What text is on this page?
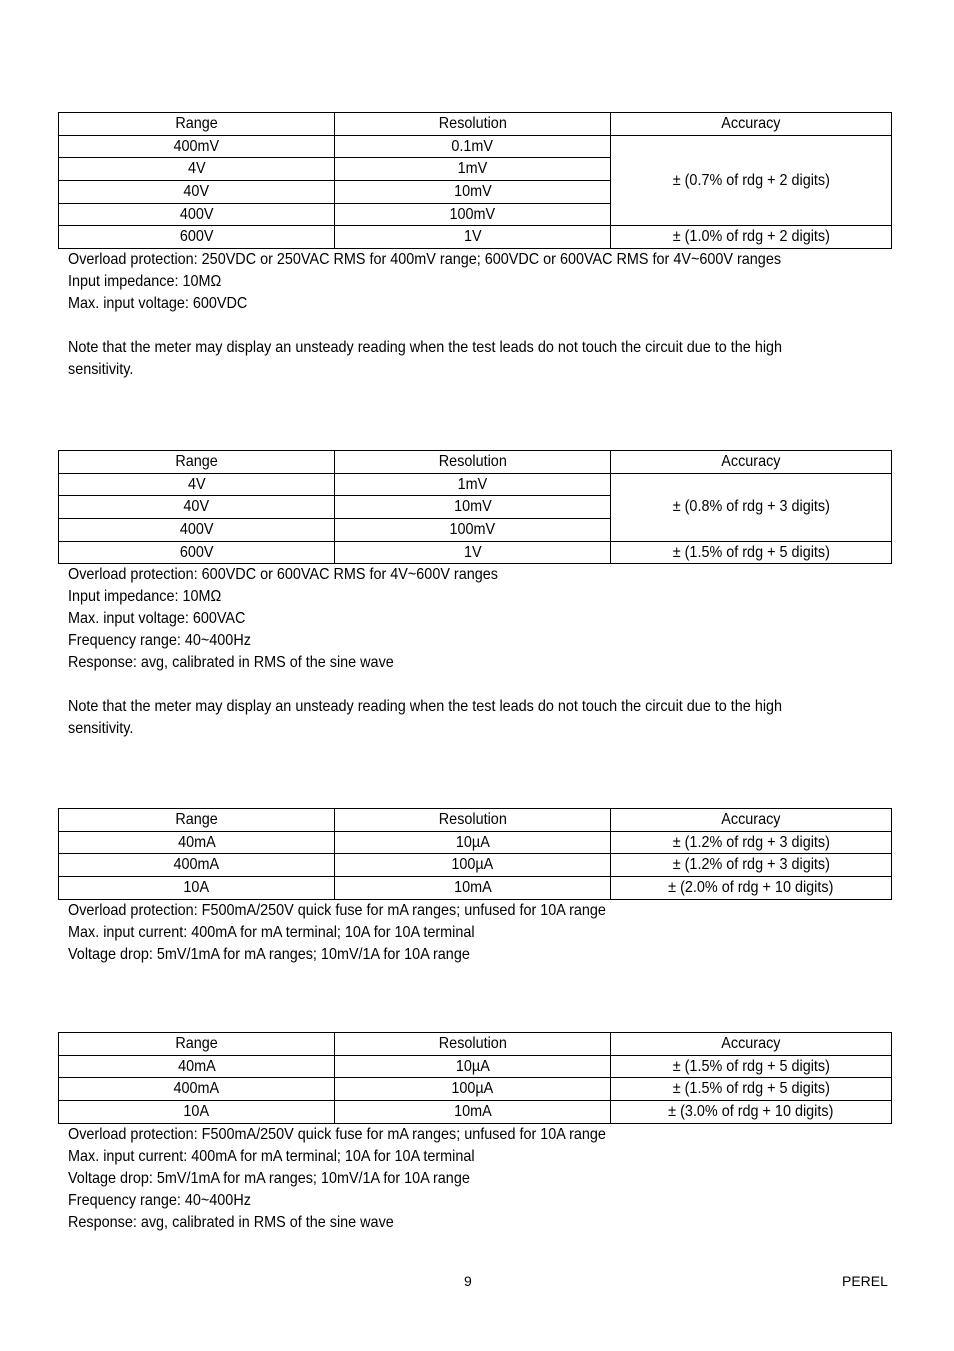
Range	Resolution	Accuracy
400mV	0.1mV	± (0.7% of rdg + 2 digits)
4V	1mV	
40V	10mV	
400V	100mV	
600V	1V	± (1.0% of rdg + 2 digits)
Overload protection: 250VDC or 250VAC RMS for 400mV range; 600VDC or 600VAC RMS for 4V~600V ranges
Input impedance: 10MΩ
Max. input voltage: 600VDC
Note that the meter may display an unsteady reading when the test leads do not touch the circuit due to the high
sensitivity.
Range	Resolution	Accuracy
4V	1mV	± (0.8% of rdg + 3 digits)
40V	10mV	
400V	100mV	
600V	1V	± (1.5% of rdg + 5 digits)
Overload protection: 600VDC or 600VAC RMS for 4V~600V ranges
Input impedance: 10MΩ
Max. input voltage: 600VAC
Frequency range: 40~400Hz
Response: avg, calibrated in RMS of the sine wave
Note that the meter may display an unsteady reading when the test leads do not touch the circuit due to the high
sensitivity.
Range	Resolution	Accuracy
40mA	10µA	± (1.2% of rdg + 3 digits)
400mA	100µA	± (1.2% of rdg + 3 digits)
10A	10mA	± (2.0% of rdg + 10 digits)
Overload protection: F500mA/250V quick fuse for mA ranges; unfused for 10A range
Max. input current: 400mA for mA terminal; 10A for 10A terminal
Voltage drop: 5mV/1mA for mA ranges; 10mV/1A for 10A range
Range	Resolution	Accuracy
40mA	10µA	± (1.5% of rdg + 5 digits)
400mA	100µA	± (1.5% of rdg + 5 digits)
10A	10mA	± (3.0% of rdg + 10 digits)
Overload protection: F500mA/250V quick fuse for mA ranges; unfused for 10A range
Max. input current: 400mA for mA terminal; 10A for 10A terminal
Voltage drop: 5mV/1mA for mA ranges; 10mV/1A for 10A range
Frequency range: 40~400Hz
Response: avg, calibrated in RMS of the sine wave
9	PEREL
